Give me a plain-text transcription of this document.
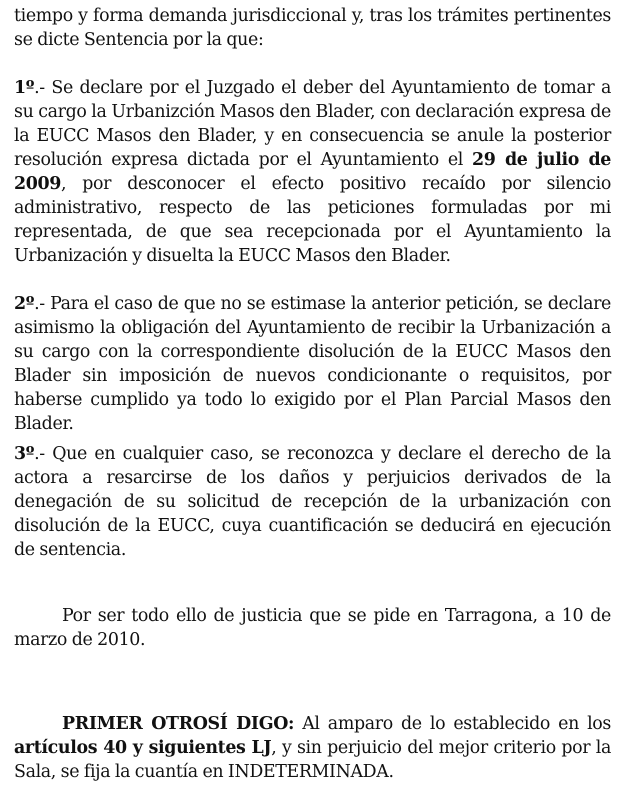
tiempo y forma demanda jurisdiccional y, tras los trámites pertinentes se dicte Sentencia por la que:

1º.- Se declare por el Juzgado el deber del Ayuntamiento de tomar a su cargo la Urbanizción Masos den Blader, con declaración expresa de la EUCC Masos den Blader, y en consecuencia se anule la posterior resolución expresa dictada por el Ayuntamiento el 29 de julio de 2009, por desconocer el efecto positivo recaído por silencio administrativo, respecto de las peticiones formuladas por mi representada, de que sea recepcionada por el Ayuntamiento la Urbanización y disuelta la EUCC Masos den Blader.

2º.- Para el caso de que no se estimase la anterior petición, se declare asimismo la obligación del Ayuntamiento de recibir la Urbanización a su cargo con la correspondiente disolución de la EUCC Masos den Blader sin imposición de nuevos condicionante o requisitos, por haberse cumplido ya todo lo exigido por el Plan Parcial Masos den Blader.

3º.- Que en cualquier caso, se reconozca y declare el derecho de la actora a resarcirse de los daños y perjuicios derivados de la denegación de su solicitud de recepción de la urbanización con disolución de la EUCC, cuya cuantificación se deducirá en ejecución de sentencia.

Por ser todo ello de justicia que se pide en Tarragona, a 10 de marzo de 2010.

PRIMER OTROSÍ DIGO: Al amparo de lo establecido en los artículos 40 y siguientes LJ, y sin perjuicio del mejor criterio por la Sala, se fija la cuantía en INDETERMINADA.
